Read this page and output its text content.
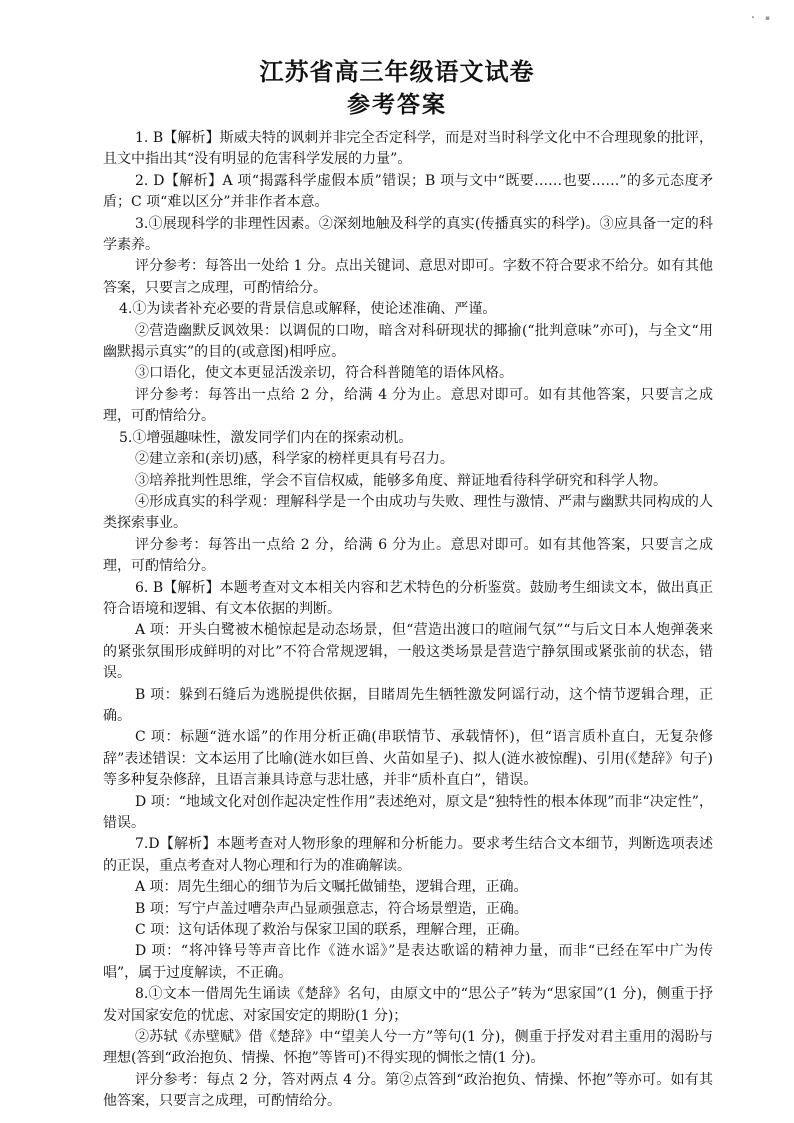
• ▪
江苏省高三年级语文试卷
参考答案

1. B【解析】斯威夫特的讽刺并非完全否定科学，而是对当时科学文化中不合理现象的批评，且文中指出其“没有明显的危害科学发展的力量”。

2. D【解析】A 项“揭露科学虚假本质”错误；B 项与文中“既要……也要……”的多元态度矛盾；C 项“难以区分”并非作者本意。

3.①展现科学的非理性因素。②深刻地触及科学的真实(传播真实的科学)。③应具备一定的科学素养。

评分参考：每答出一处给 1 分。点出关键词、意思对即可。字数不符合要求不给分。如有其他答案，只要言之成理，可酌情给分。

4.①为读者补充必要的背景信息或解释，使论述准确、严谨。

②营造幽默反讽效果：以调侃的口吻，暗含对科研现状的揶揄(“批判意味”亦可)，与全文“用幽默揭示真实”的目的(或意图)相呼应。

③口语化，使文本更显活泼亲切，符合科普随笔的语体风格。

评分参考：每答出一点给 2 分，给满 4 分为止。意思对即可。如有其他答案，只要言之成理，可酌情给分。

5.①增强趣味性，激发同学们内在的探索动机。

②建立亲和(亲切)感，科学家的榜样更具有号召力。

③培养批判性思维，学会不盲信权威，能够多角度、辩证地看待科学研究和科学人物。

④形成真实的科学观：理解科学是一个由成功与失败、理性与激情、严肃与幽默共同构成的人类探索事业。

评分参考：每答出一点给 2 分，给满 6 分为止。意思对即可。如有其他答案，只要言之成理，可酌情给分。

6. B【解析】本题考查对文本相关内容和艺术特色的分析鉴赏。鼓励考生细读文本，做出真正符合语境和逻辑、有文本依据的判断。

A 项：开头白鹭被木槌惊起是动态场景，但“营造出渡口的喧闹气氛”“与后文日本人炮弹袭来的紧张氛围形成鲜明的对比”不符合常规逻辑，一般这类场景是营造宁静氛围或紧张前的状态，错误。

B 项：躲到石缝后为逃脱提供依据，目睹周先生牺牲激发阿谣行动，这个情节逻辑合理，正确。

C 项：标题“涟水谣”的作用分析正确(串联情节、承载情怀)，但“语言质朴直白，无复杂修辞”表述错误：文本运用了比喻(涟水如巨兽、火苗如星子)、拟人(涟水被惊醒)、引用(《楚辞》句子)等多种复杂修辞，且语言兼具诗意与悲壮感，并非“质朴直白”，错误。

D 项：“地域文化对创作起决定性作用”表述绝对，原文是“独特性的根本体现”而非“决定性”，错误。

7.D【解析】本题考查对人物形象的理解和分析能力。要求考生结合文本细节，判断选项表述的正误，重点考查对人物心理和行为的准确解读。

A 项：周先生细心的细节为后文嘱托做铺垫，逻辑合理，正确。

B 项：写宁卢盖过嘈杂声凸显顽强意志，符合场景塑造，正确。

C 项：这句话体现了救治与保家卫国的联系，理解合理，正确。

D 项：“将冲锋号等声音比作《涟水谣》”是表达歌谣的精神力量，而非“已经在军中广为传唱”，属于过度解读，不正确。

8.①文本一借周先生诵读《楚辞》名句，由原文中的“思公子”转为“思家国”(1 分)，侧重于抒发对国家安危的忧虑、对家国安定的期盼(1 分)；

②苏轼《赤壁赋》借《楚辞》中“望美人兮一方”等句(1 分)，侧重于抒发对君主重用的渴盼与理想(答到“政治抱负、情操、怀抱”等皆可)不得实现的惆怅之情(1 分)。

评分参考：每点 2 分，答对两点 4 分。第②点答到“政治抱负、情操、怀抱”等亦可。如有其他答案，只要言之成理，可酌情给分。
